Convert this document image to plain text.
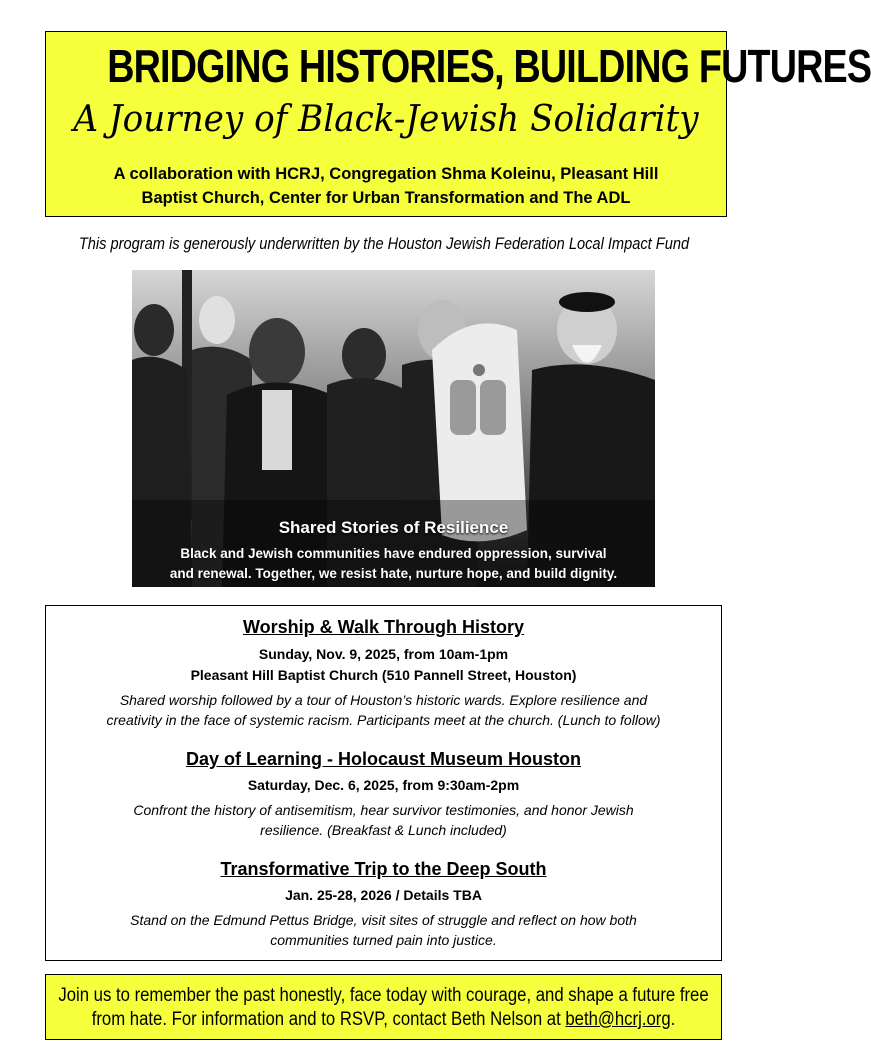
BRIDGING HISTORIES, BUILDING FUTURES
A Journey of Black-Jewish Solidarity
A collaboration with HCRJ, Congregation Shma Koleinu, Pleasant Hill
Baptist Church, Center for Urban Transformation and The ADL
This program is generously underwritten by the Houston Jewish Federation Local Impact Fund
Shared Stories of Resilience
Black and Jewish communities have endured oppression, survival
and renewal. Together, we resist hate, nurture hope, and build dignity.
Worship & Walk Through History
Sunday, Nov. 9, 2025, from 10am-1pm
Pleasant Hill Baptist Church (510 Pannell Street, Houston)
Shared worship followed by a tour of Houston’s historic wards. Explore resilience and
creativity in the face of systemic racism. Participants meet at the church. (Lunch to follow)
Day of Learning - Holocaust Museum Houston
Saturday, Dec. 6, 2025, from 9:30am-2pm
Confront the history of antisemitism, hear survivor testimonies, and honor Jewish
resilience. (Breakfast & Lunch included)
Transformative Trip to the Deep South
Jan. 25-28, 2026 / Details TBA
Stand on the Edmund Pettus Bridge, visit sites of struggle and reflect on how both
communities turned pain into justice.
Join us to remember the past honestly, face today with courage, and shape a future free
from hate. For information and to RSVP, contact Beth Nelson at beth@hcrj.org.
